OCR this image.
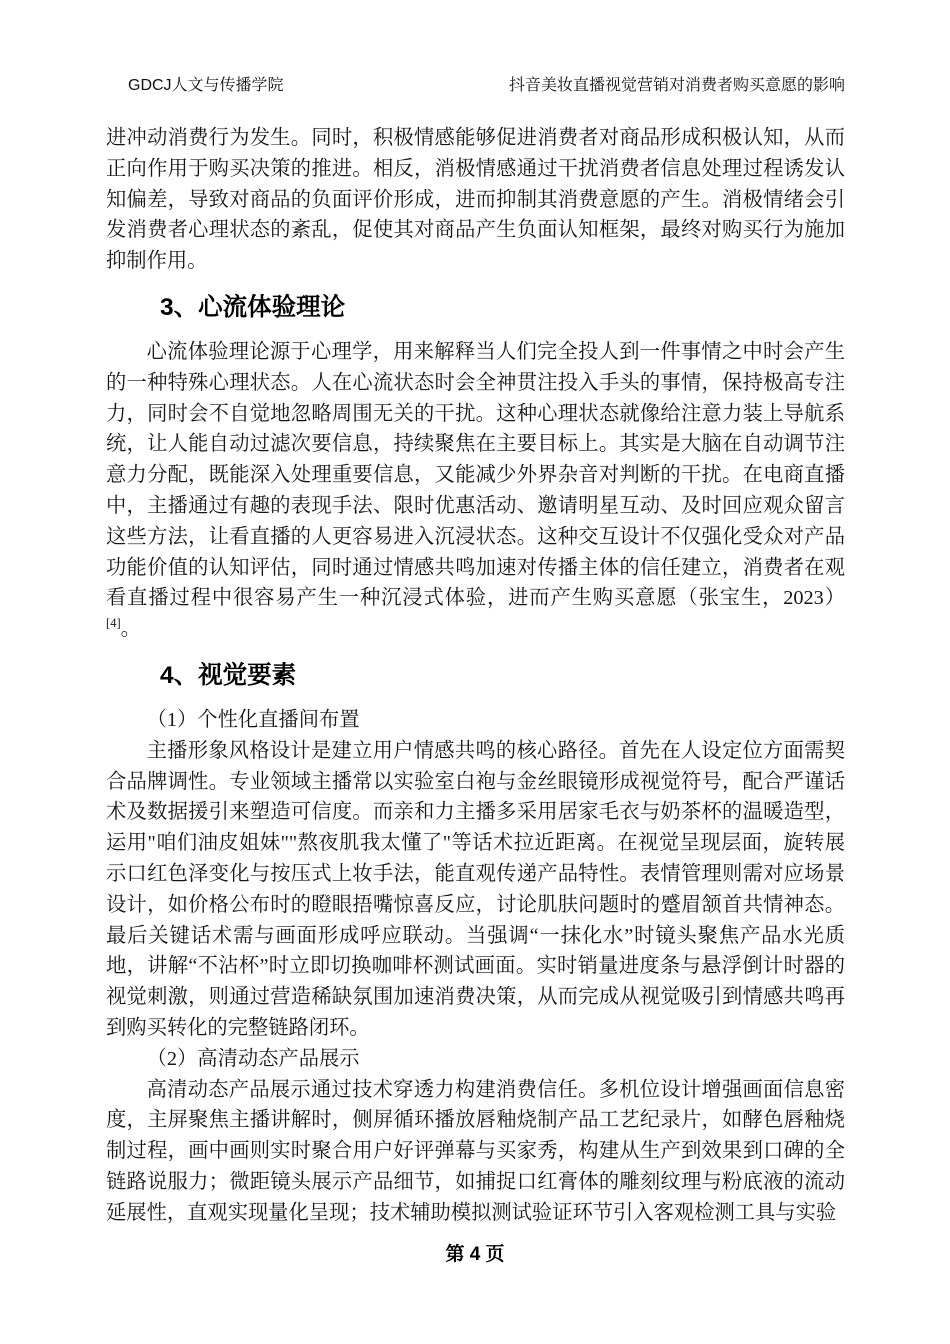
GDCJ人文与传播学院	抖音美妆直播视觉营销对消费者购买意愿的影响

进冲动消费行为发生。同时，积极情感能够促进消费者对商品形成积极认知，从而正向作用于购买决策的推进。相反，消极情感通过干扰消费者信息处理过程诱发认知偏差，导致对商品的负面评价形成，进而抑制其消费意愿的产生。消极情绪会引发消费者心理状态的紊乱，促使其对商品产生负面认知框架，最终对购买行为施加抑制作用。

3、心流体验理论

心流体验理论源于心理学，用来解释当人们完全投人到一件事情之中时会产生的一种特殊心理状态。人在心流状态时会全神贯注投入手头的事情，保持极高专注力，同时会不自觉地忽略周围无关的干扰。这种心理状态就像给注意力装上导航系统，让人能自动过滤次要信息，持续聚焦在主要目标上。其实是大脑在自动调节注意力分配，既能深入处理重要信息，又能减少外界杂音对判断的干扰。在电商直播中，主播通过有趣的表现手法、限时优惠活动、邀请明星互动、及时回应观众留言这些方法，让看直播的人更容易进入沉浸状态。这种交互设计不仅强化受众对产品功能价值的认知评估，同时通过情感共鸣加速对传播主体的信任建立，消费者在观看直播过程中很容易产生一种沉浸式体验，进而产生购买意愿（张宝生，2023）[4]。

4、视觉要素

（1）个性化直播间布置

主播形象风格设计是建立用户情感共鸣的核心路径。首先在人设定位方面需契合品牌调性。专业领域主播常以实验室白袍与金丝眼镜形成视觉符号，配合严谨话术及数据援引来塑造可信度。而亲和力主播多采用居家毛衣与奶茶杯的温暖造型，运用"咱们油皮姐妹""熬夜肌我太懂了"等话术拉近距离。在视觉呈现层面，旋转展示口红色泽变化与按压式上妆手法，能直观传递产品特性。表情管理则需对应场景设计，如价格公布时的瞪眼捂嘴惊喜反应，讨论肌肤问题时的蹙眉颔首共情神态。最后关键话术需与画面形成呼应联动。当强调“一抹化水”时镜头聚焦产品水光质地，讲解“不沾杯”时立即切换咖啡杯测试画面。实时销量进度条与悬浮倒计时器的视觉刺激，则通过营造稀缺氛围加速消费决策，从而完成从视觉吸引到情感共鸣再到购买转化的完整链路闭环。

（2）高清动态产品展示

高清动态产品展示通过技术穿透力构建消费信任。多机位设计增强画面信息密度，主屏聚焦主播讲解时，侧屏循环播放唇釉烧制产品工艺纪录片，如酵色唇釉烧制过程，画中画则实时聚合用户好评弹幕与买家秀，构建从生产到效果到口碑的全链路说服力；微距镜头展示产品细节，如捕捉口红膏体的雕刻纹理与粉底液的流动延展性，直观实现量化呈现；技术辅助模拟测试验证环节引入客观检测工具与实验

第 4 页
